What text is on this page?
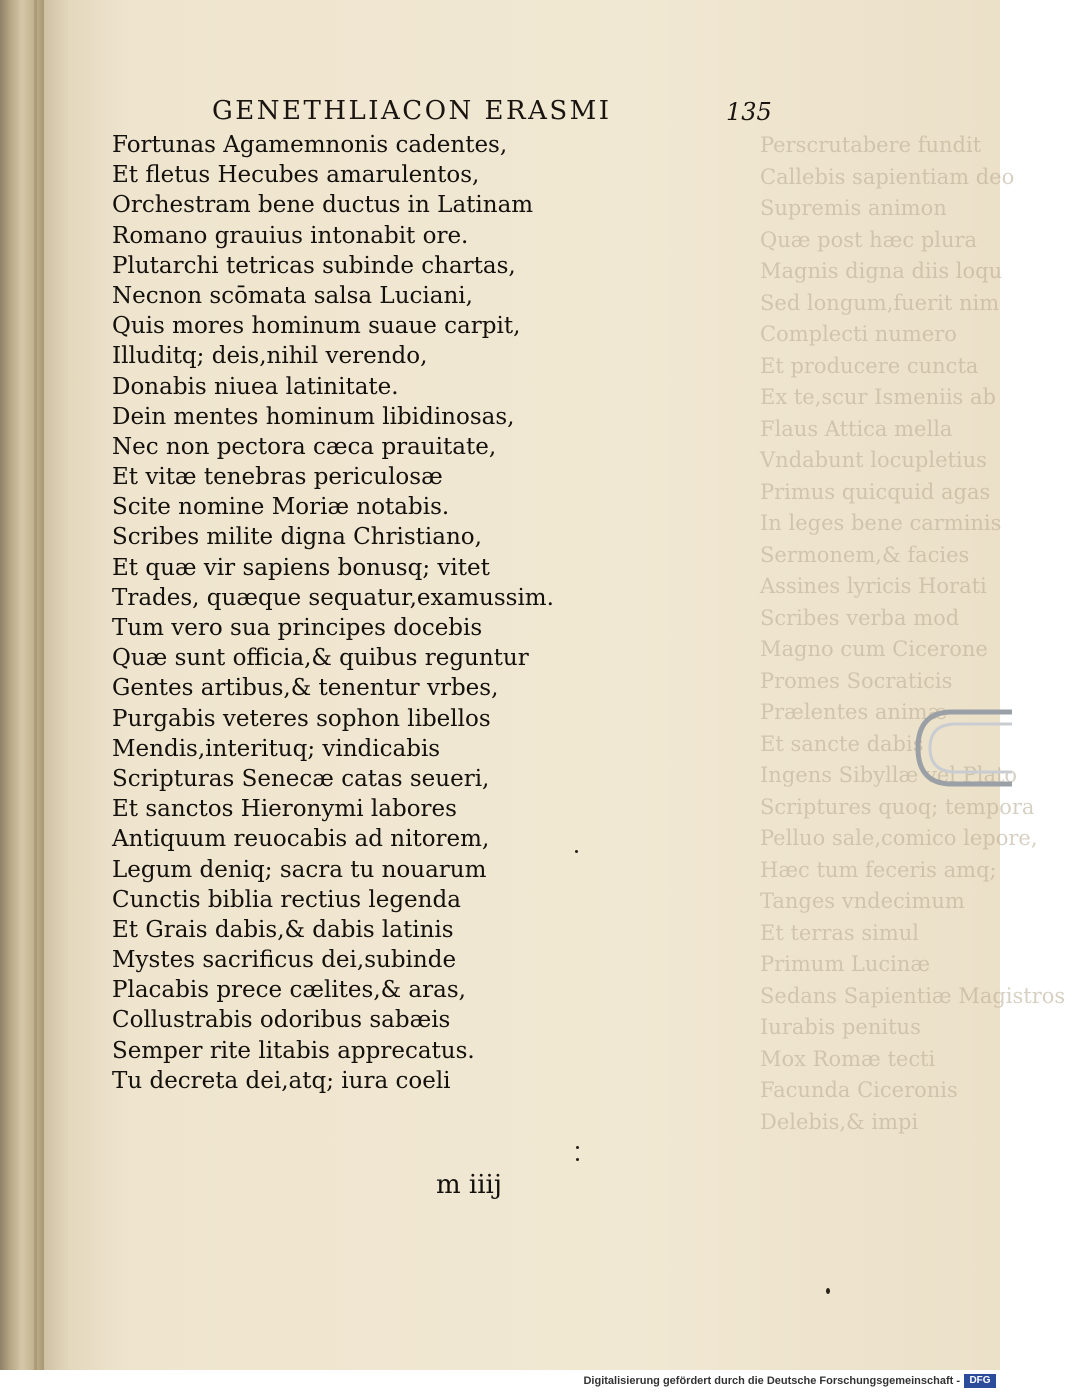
Perscrutabere fundit
Callebis sapientiam deo
Supremis animon
Quæ post hæc plura
Magnis digna diis loqu
Sed longum,fuerit nim
Complecti numero
Et producere cuncta
Ex te,scur Ismeniis ab
Flaus Attica mella
Vndabunt locupletius
Primus quicquid agas
In leges bene carminis
Sermonem,& facies
Assines lyricis Horati
Scribes verba mod
Magno cum Cicerone
Promes Socraticis
Prælentes animæ
Et sancte dabis
Ingens Sibyllæ vel Plato
Scriptures quoq; tempora
Pelluo sale,comico lepore,
Hæc tum feceris amq;
Tanges vndecimum
Et terras simul
Primum Lucinæ
Sedans Sapientiæ Magistros
Iurabis penitus
Mox Romæ tecti
Facunda Ciceronis
Delebis,& impi
GENETHLIACON ERASMI	135
Fortunas Agamemnonis cadentes,
Et fletus Hecubes amarulentos,
Orchestram bene ductus in Latinam
Romano grauius intonabit ore.
Plutarchi tetricas subinde chartas,
Necnon scōmata salsa Luciani,
Quis mores hominum suaue carpit,
Illuditq; deis,nihil verendo,
Donabis niuea latinitate.
Dein mentes hominum libidinosas,
Nec non pectora cæca prauitate,
Et vitæ tenebras periculosæ
Scite nomine Moriæ notabis.
Scribes milite digna Christiano,
Et quæ vir sapiens bonusq; vitet
Trades, quæque sequatur,examussim.
Tum vero sua principes docebis
Quæ sunt officia,& quibus reguntur
Gentes artibus,& tenentur vrbes,
Purgabis veteres sophon libellos
Mendis,interituq; vindicabis
Scripturas Senecæ catas seueri,
Et sanctos Hieronymi labores
Antiquum reuocabis ad nitorem,
Legum deniq; sacra tu nouarum
Cunctis biblia rectius legenda
Et Grais dabis,& dabis latinis
Mystes sacrificus dei,subinde
Placabis prece cælites,& aras,
Collustrabis odoribus sabæis
Semper rite litabis apprecatus.
Tu decreta dei,atq; iura coeli
m iiij
Digitalisierung gefördert durch die Deutsche Forschungsgemeinschaft - DFG
